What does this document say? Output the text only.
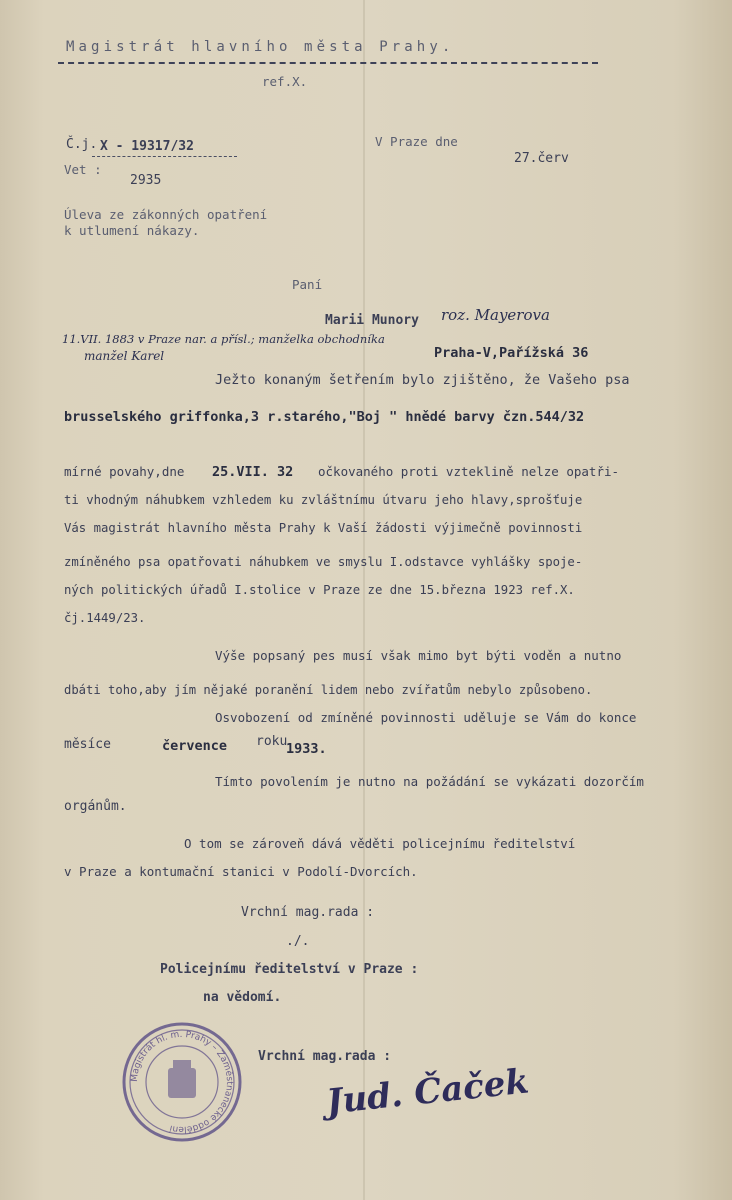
Magistrát hlavního města Prahy.
ref.X.
Č.j. X - 19317/32	V Praze dne
27.červ
Vet :
2935
Úleva ze zákonných opatření
k utlumení nákazy.
Paní
Marii Munory roz. Mayerova
11.VII. 1883 v Praze nar. a přísl.; manželka obchodníka
manžel Karel	Praha-V,Pařížská 36
Ježto konaným šetřením bylo zjištěno, že Vašeho psa
brusselského griffonka,3 r.starého,"Boj " hnědé barvy čzn.544/32
mírné povahy,dne 25.VII. 32 očkovaného proti vzteklině nelze opatři-
ti vhodným náhubkem vzhledem ku zvláštnímu útvaru jeho hlavy,sprošťuje
Vás magistrát hlavního města Prahy k Vaší žádosti výjimečně povinnosti
zmíněného psa opatřovati náhubkem ve smyslu I.odstavce vyhlášky spoje-
ných politických úřadů I.stolice v Praze ze dne 15.března 1923 ref.X.
čj.1449/23.
Výše popsaný pes musí však mimo byt býti voděn a nutno
dbáti toho,aby jím nějaké poranění lidem nebo zvířatům nebylo způsobeno.
Osvobození od zmíněné povinnosti uděluje se Vám do konce
měsíce	července roku
1933.
Tímto povolením je nutno na požádání se vykázati dozorčím
orgánům.
O tom se zároveň dává věděti policejnímu ředitelství
v Praze a kontumační stanici v Podolí-Dvorcích.
Vrchní mag.rada :
./.
Policejnímu ředitelství v Praze :
na vědomí.
Vrchní mag.rada :
Jud. Čaček
Magistrát hl. m. Prahy – Zaměstnanecké oddělení
